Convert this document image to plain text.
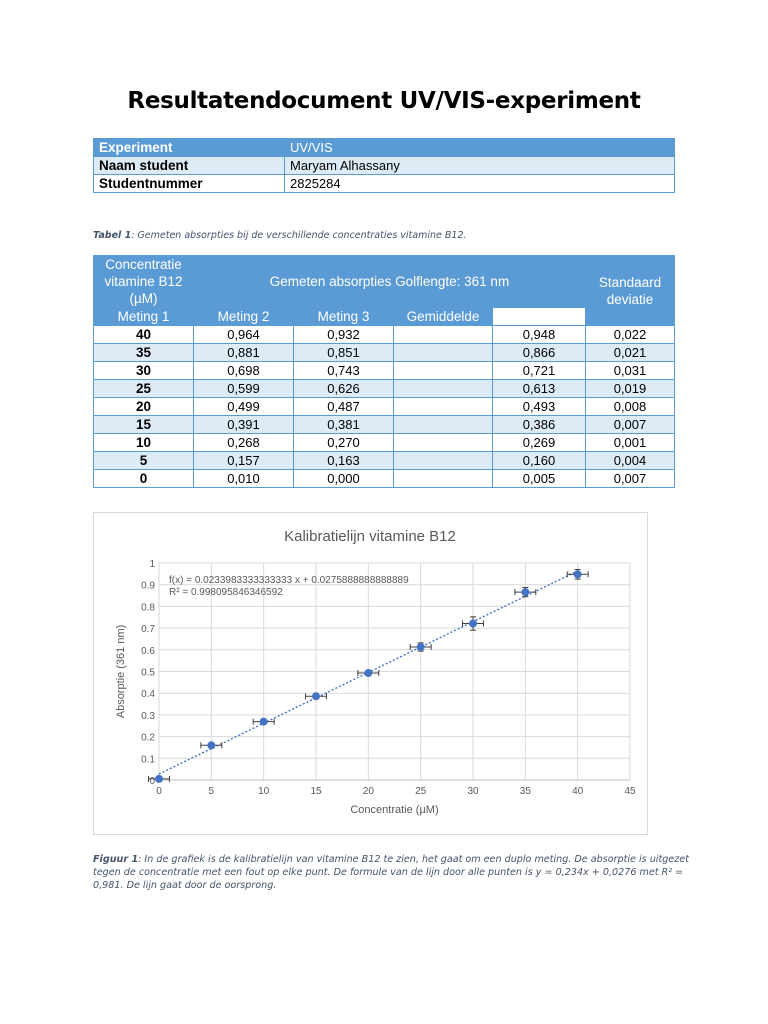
Resultatendocument UV/VIS-experiment
Experiment	UV/VIS
Naam student	Maryam Alhassany
Studentnummer	2825284
Tabel 1: Gemeten absorpties bij de verschillende concentraties vitamine B12.
Concentratie vitamine B12 (µM)	Gemeten absorpties Golflengte: 361 nm				Standaard deviatie

Meting 1	Meting 2	Meting 3	Gemiddelde		
40	0,964	0,932		0,948	0,022
35	0,881	0,851		0,866	0,021
30	0,698	0,743		0,721	0,031
25	0,599	0,626		0,613	0,019
20	0,499	0,487		0,493	0,008
15	0,391	0,381		0,386	0,007
10	0,268	0,270		0,269	0,001
5	0,157	0,163		0,160	0,004
0	0,010	0,000		0,005	0,007
Kalibratielijn vitamine B12
0
0.1
0.2
0.3
0.4
0.5
0.6
0.7
0.8
0.9
1
0	5	10	15	20	25	30	35	40	45
f(x) = 0.0233983333333333 x + 0.0275888888888889
R² = 0.998095846346592
Concentratie (µM)
Absorptie (361 nm)
Figuur 1: In de grafiek is de kalibratielijn van vitamine B12 te zien, het gaat om een duplo meting. De absorptie is uitgezet
tegen de concentratie met een fout op elke punt. De formule van de lijn door alle punten is y = 0,234x + 0,0276 met R² =
0,981. De lijn gaat door de oorsprong.
